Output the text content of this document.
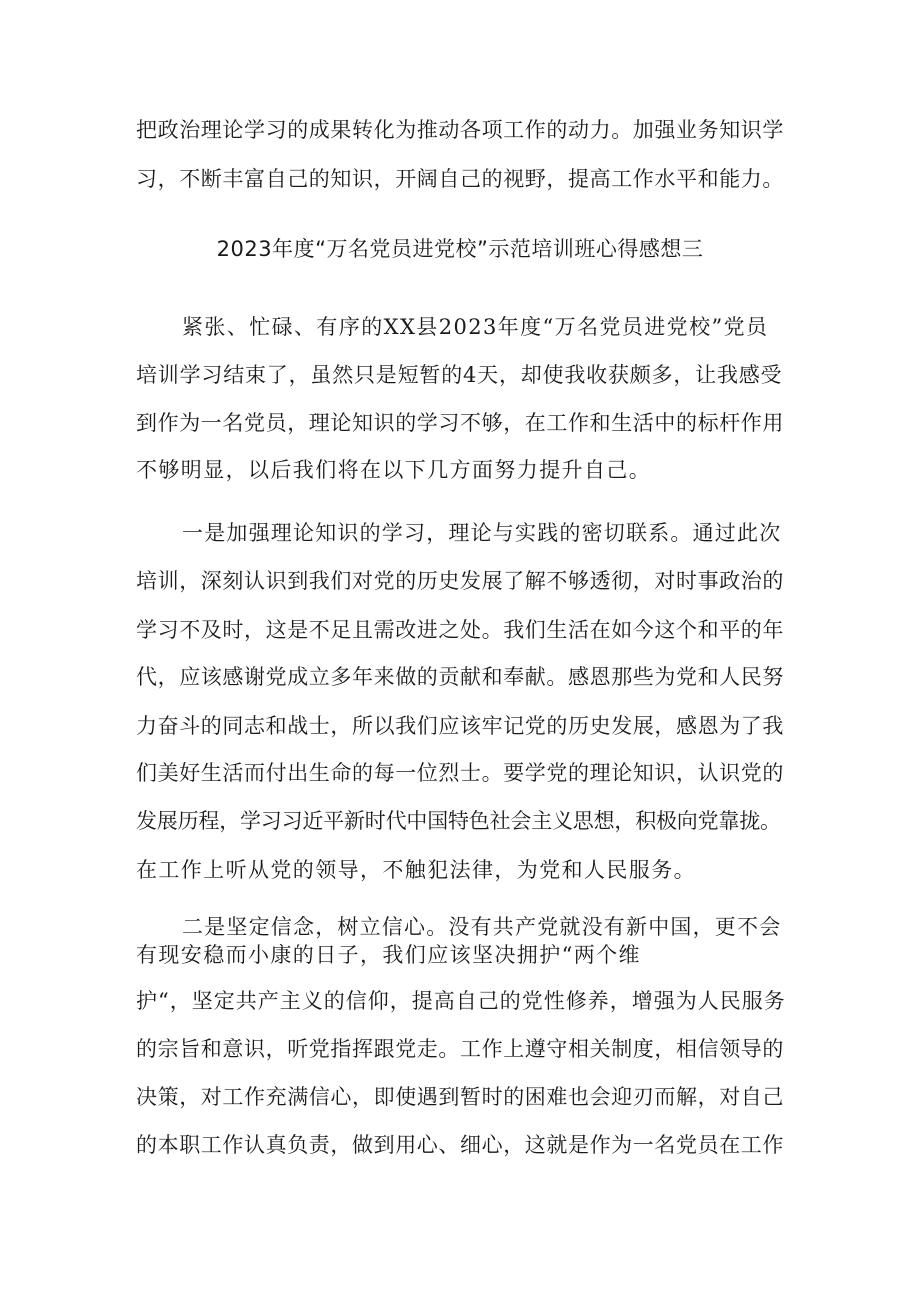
把政治理论学习的成果转化为推动各项工作的动力。加强业务知识学
习，不断丰富自己的知识，开阔自己的视野，提高工作水平和能力。
2023年度“万名党员进党校”示范培训班心得感想三
紧张、忙碌、有序的XX县2023年度“万名党员进党校”党员
培训学习结束了，虽然只是短暂的4天，却使我收获颇多，让我感受
到作为一名党员，理论知识的学习不够，在工作和生活中的标杆作用
不够明显，以后我们将在以下几方面努力提升自己。
一是加强理论知识的学习，理论与实践的密切联系。通过此次
培训，深刻认识到我们对党的历史发展了解不够透彻，对时事政治的
学习不及时，这是不足且需改进之处。我们生活在如今这个和平的年
代，应该感谢党成立多年来做的贡献和奉献。感恩那些为党和人民努
力奋斗的同志和战士，所以我们应该牢记党的历史发展，感恩为了我
们美好生活而付出生命的每一位烈士。要学党的理论知识，认识党的
发展历程，学习习近平新时代中国特色社会主义思想，积极向党靠拢。
在工作上听从党的领导，不触犯法律，为党和人民服务。
二是坚定信念，树立信心。没有共产党就没有新中国，更不会
有现安稳而小康的日子，我们应该坚决拥护“两个维
护“，坚定共产主义的信仰，提高自己的党性修养，增强为人民服务
的宗旨和意识，听党指挥跟党走。工作上遵守相关制度，相信领导的
决策，对工作充满信心，即使遇到暂时的困难也会迎刃而解，对自己
的本职工作认真负责，做到用心、细心，这就是作为一名党员在工作
